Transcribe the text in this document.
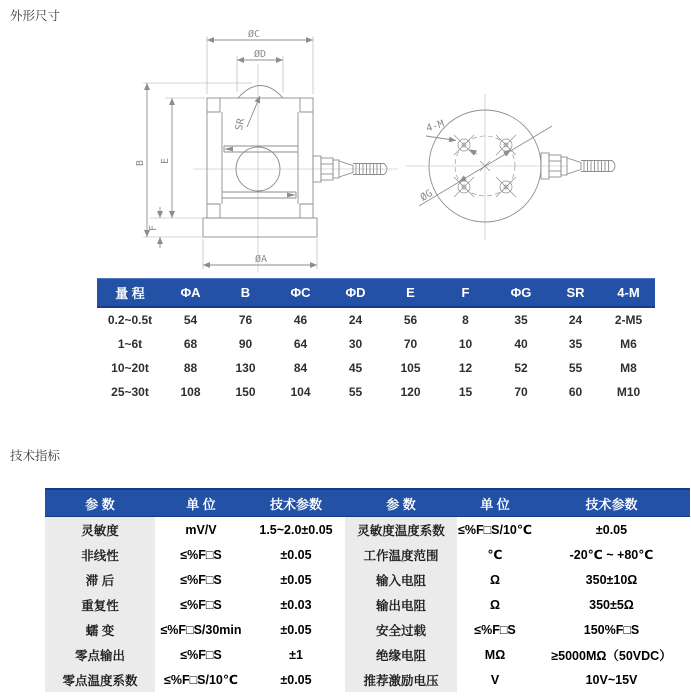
外形尺寸
ØC
ØD
SR
B E
F
ØA
4-M
ØG
量 程	ΦA	B	ΦC	ΦD	E	F	ΦG	SR	4-M
0.2~0.5t	54	76	46	24	56	8	35	24	2-M5
1~6t	68	90	64	30	70	10	40	35	M6
10~20t	88	130	84	45	105	12	52	55	M8
25~30t	108	150	104	55	120	15	70	60	M10
技术指标
参 数	单 位	技术参数	参 数	单 位	技术参数
灵敏度	mV/V	1.5~2.0±0.05	灵敏度温度系数	≤%F□S/10℃	±0.05
非线性	≤%F□S	±0.05	工作温度范围	℃	-20℃ ~ +80℃
滞 后	≤%F□S	±0.05	输入电阻	Ω	350±10Ω
重复性	≤%F□S	±0.03	输出电阻	Ω	350±5Ω
蠕 变	≤%F□S/30min	±0.05	安全过载	≤%F□S	150%F□S
零点输出	≤%F□S	±1	绝缘电阻	MΩ	≥5000MΩ（50VDC）
零点温度系数	≤%F□S/10℃	±0.05	推荐激励电压	V	10V~15V
